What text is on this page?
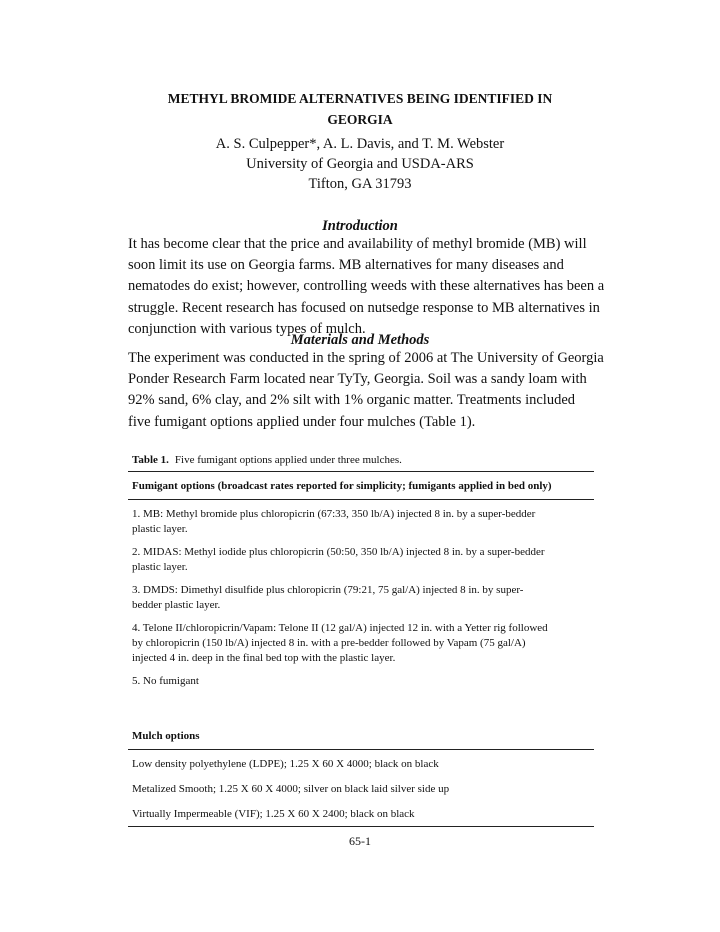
METHYL BROMIDE ALTERNATIVES BEING IDENTIFIED IN
GEORGIA
A. S. Culpepper*, A. L. Davis, and T. M. Webster
University of Georgia and USDA-ARS
Tifton, GA 31793
Introduction

It has become clear that the price and availability of methyl bromide (MB) will
soon limit its use on Georgia farms. MB alternatives for many diseases and
nematodes do exist; however, controlling weeds with these alternatives has been a
struggle. Recent research has focused on nutsedge response to MB alternatives in
conjunction with various types of mulch.

Materials and Methods

The experiment was conducted in the spring of 2006 at The University of Georgia
Ponder Research Farm located near TyTy, Georgia. Soil was a sandy loam with
92% sand, 6% clay, and 2% silt with 1% organic matter. Treatments included
five fumigant options applied under four mulches (Table 1).

Table 1. Five fumigant options applied under three mulches.
Fumigant options (broadcast rates reported for simplicity; fumigants applied in bed only)
1. MB: Methyl bromide plus chloropicrin (67:33, 350 lb/A) injected 8 in. by a super-bedder
plastic layer.
2. MIDAS: Methyl iodide plus chloropicrin (50:50, 350 lb/A) injected 8 in. by a super-bedder
plastic layer.
3. DMDS: Dimethyl disulfide plus chloropicrin (79:21, 75 gal/A) injected 8 in. by super-
bedder plastic layer.
4. Telone II/chloropicrin/Vapam: Telone II (12 gal/A) injected 12 in. with a Yetter rig followed
by chloropicrin (150 lb/A) injected 8 in. with a pre-bedder followed by Vapam (75 gal/A)
injected 4 in. deep in the final bed top with the plastic layer.
5. No fumigant
Mulch options
Low density polyethylene (LDPE); 1.25 X 60 X 4000; black on black
Metalized Smooth; 1.25 X 60 X 4000; silver on black laid silver side up
Virtually Impermeable (VIF); 1.25 X 60 X 2400; black on black
65-1
